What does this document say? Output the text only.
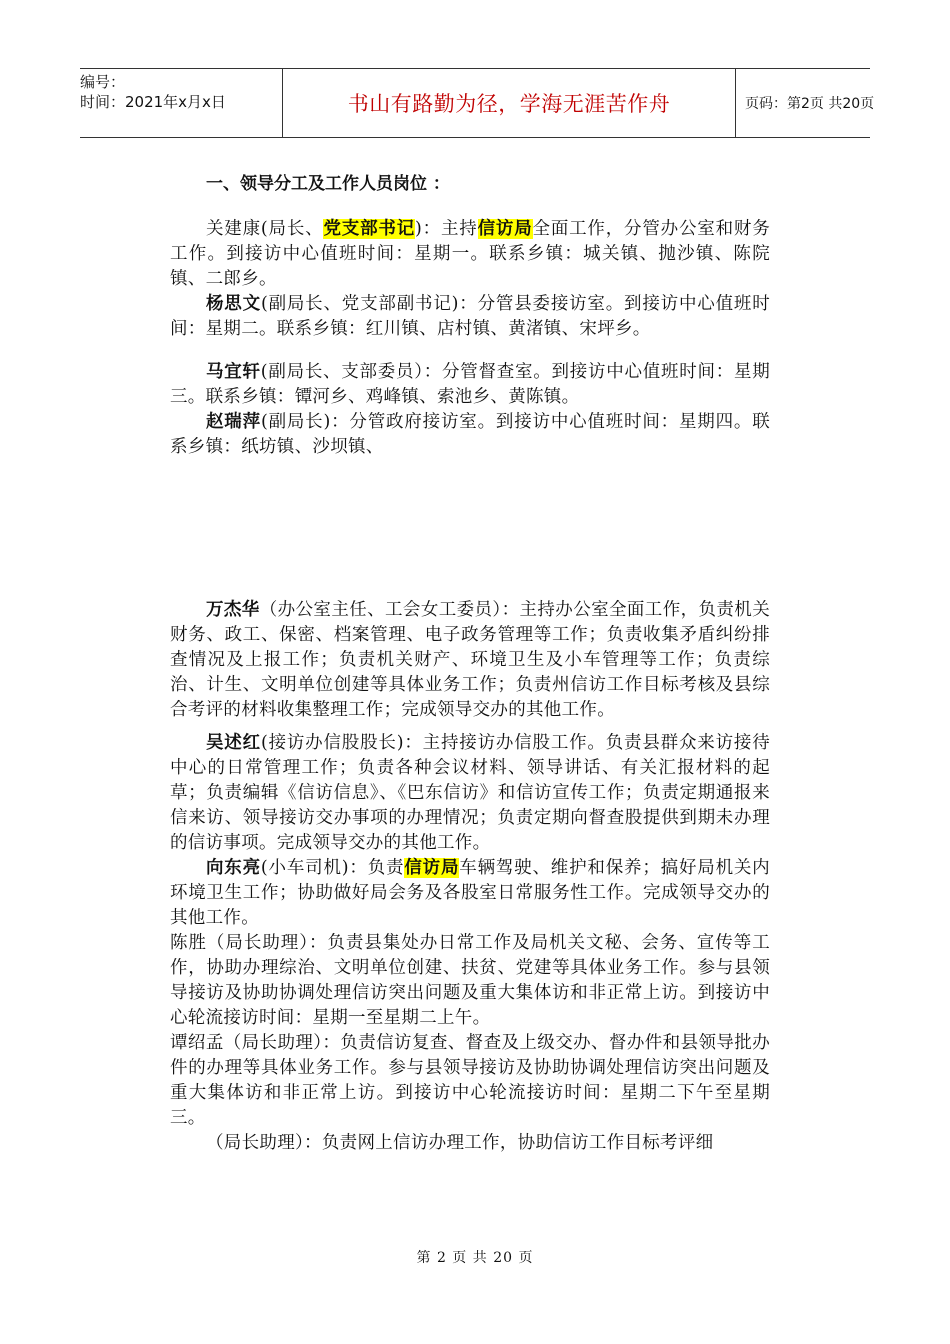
编号：
时间：2021年x月x日	书山有路勤为径，学海无涯苦作舟	页码：第2页 共20页
一、领导分工及工作人员岗位 ：
关建康(局长、党支部书记)：主持信访局全面工作，分管办公室和财务工作。到接访中心值班时间：星期一。联系乡镇：城关镇、抛沙镇、陈院镇、二郎乡。
杨思文(副局长、党支部副书记)：分管县委接访室。到接访中心值班时间：星期二。联系乡镇：红川镇、店村镇、黄渚镇、宋坪乡。
马宜轩(副局长、支部委员）：分管督查室。到接访中心值班时间：星期三。联系乡镇：镡河乡、鸡峰镇、索池乡、黄陈镇。
赵瑞萍(副局长)：分管政府接访室。到接访中心值班时间：星期四。联系乡镇：纸坊镇、沙坝镇、
万杰华（办公室主任、工会女工委员）：主持办公室全面工作，负责机关财务、政工、保密、档案管理、电子政务管理等工作；负责收集矛盾纠纷排查情况及上报工作；负责机关财产、环境卫生及小车管理等工作；负责综治、计生、文明单位创建等具体业务工作；负责州信访工作目标考核及县综合考评的材料收集整理工作；完成领导交办的其他工作。
吴述红(接访办信股股长)：主持接访办信股工作。负责县群众来访接待中心的日常管理工作；负责各种会议材料、领导讲话、有关汇报材料的起草；负责编辑《信访信息》、《巴东信访》和信访宣传工作；负责定期通报来信来访、领导接访交办事项的办理情况；负责定期向督查股提供到期未办理的信访事项。完成领导交办的其他工作。
向东亮(小车司机)：负责信访局车辆驾驶、维护和保养；搞好局机关内环境卫生工作；协助做好局会务及各股室日常服务性工作。完成领导交办的其他工作。
陈胜（局长助理）：负责县集处办日常工作及局机关文秘、会务、宣传等工作，协助办理综治、文明单位创建、扶贫、党建等具体业务工作。参与县领导接访及协助协调处理信访突出问题及重大集体访和非正常上访。到接访中心轮流接访时间：星期一至星期二上午。
谭绍孟（局长助理）：负责信访复查、督查及上级交办、督办件和县领导批办件的办理等具体业务工作。参与县领导接访及协助协调处理信访突出问题及重大集体访和非正常上访。到接访中心轮流接访时间：星期二下午至星期三。
（局长助理）：负责网上信访办理工作，协助信访工作目标考评细
第 2 页 共 20 页
